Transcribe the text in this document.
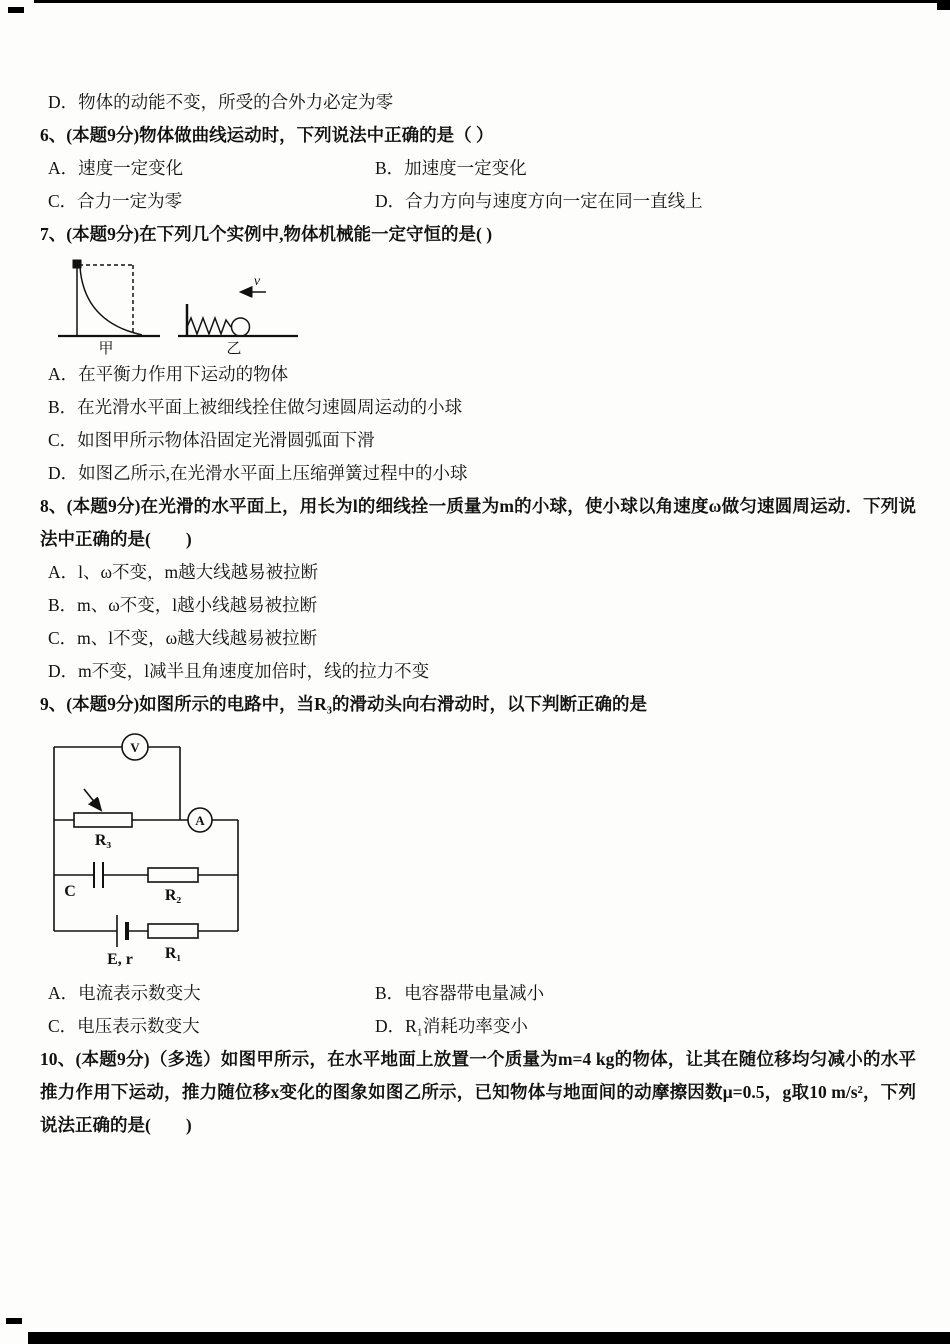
D．物体的动能不变，所受的合外力必定为零

6、(本题9分)物体做曲线运动时，下列说法中正确的是（ ）

A．速度一定变化	B．加速度一定变化
C．合力一定为零	D．合力方向与速度方向一定在同一直线上

7、(本题9分)在下列几个实例中,物体机械能一定守恒的是( )

甲

v
乙

A．在平衡力作用下运动的物体

B．在光滑水平面上被细线拴住做匀速圆周运动的小球

C．如图甲所示物体沿固定光滑圆弧面下滑

D．如图乙所示,在光滑水平面上压缩弹簧过程中的小球

8、(本题9分)在光滑的水平面上，用长为l的细线拴一质量为m的小球，使小球以角速度ω做匀速圆周运动．下列说法中正确的是(　　)

A．l、ω不变，m越大线越易被拉断

B．m、ω不变，l越小线越易被拉断

C．m、l不变，ω越大线越易被拉断

D．m不变，l减半且角速度加倍时，线的拉力不变

9、(本题9分)如图所示的电路中，当R₃的滑动头向右滑动时，以下判断正确的是

V
A
R₃
C	R₂
E, r R₁
A．电流表示数变大	B．电容器带电量减小
C．电压表示数变大	D．R₁消耗功率变小

10、(本题9分)（多选）如图甲所示，在水平地面上放置一个质量为m=4 kg的物体，让其在随位移均匀减小的水平推力作用下运动，推力随位移x变化的图象如图乙所示，已知物体与地面间的动摩擦因数μ=0.5，g取10 m/s²，下列说法正确的是(　　)
